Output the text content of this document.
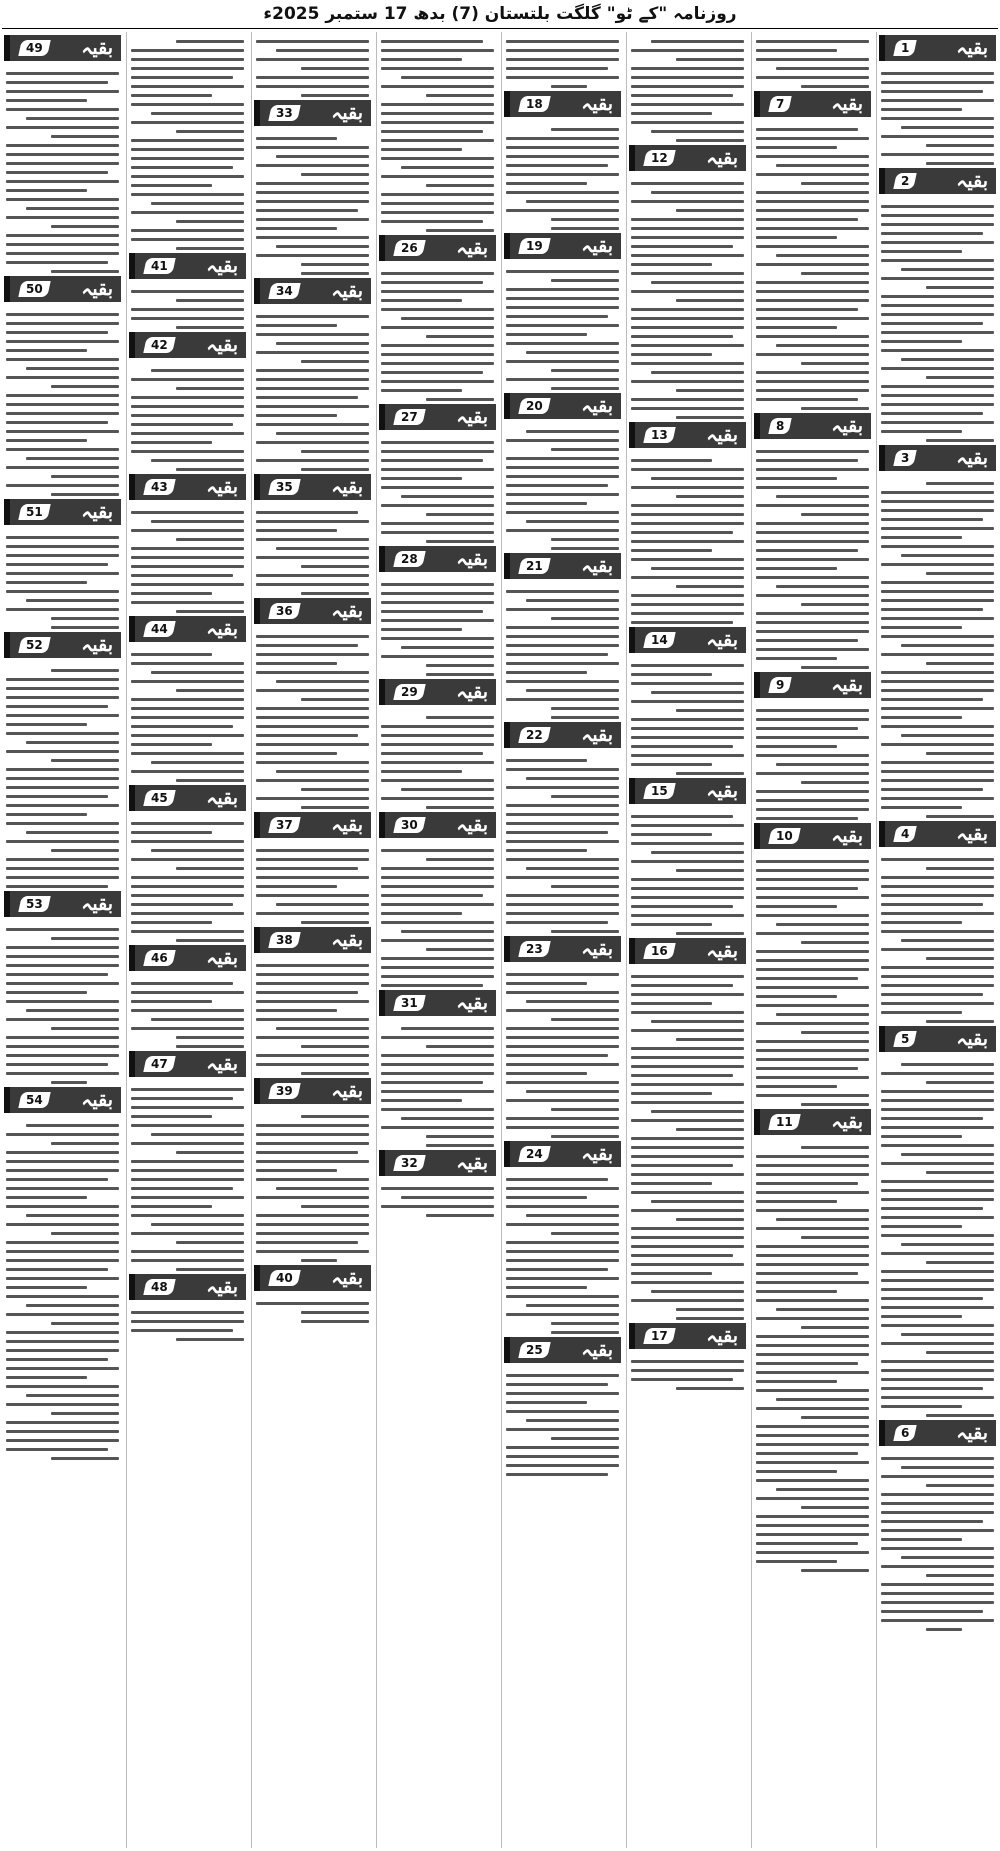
روزنامہ "کے ٹو" گلگت بلتستان (7) بدھ 17 ستمبر 2025ء
بقیہ
1
بقیہ
2
بقیہ
3
بقیہ
4
بقیہ
5
بقیہ
6
بقیہ
7
بقیہ
8
بقیہ
9
بقیہ
10
بقیہ
11
بقیہ
12
بقیہ
13
بقیہ
14
بقیہ
15
بقیہ
16
بقیہ
17
بقیہ
18
بقیہ
19
بقیہ
20
بقیہ
21
بقیہ
22
بقیہ
23
بقیہ
24
بقیہ
25
بقیہ
26
بقیہ
27
بقیہ
28
بقیہ
29
بقیہ
30
بقیہ
31
بقیہ
32
بقیہ
33
بقیہ
34
بقیہ
35
بقیہ
36
بقیہ
37
بقیہ
38
بقیہ
39
بقیہ
40
بقیہ
41
بقیہ
42
بقیہ
43
بقیہ
44
بقیہ
45
بقیہ
46
بقیہ
47
بقیہ
48
بقیہ
49
بقیہ
50
بقیہ
51
بقیہ
52
بقیہ
53
بقیہ
54
